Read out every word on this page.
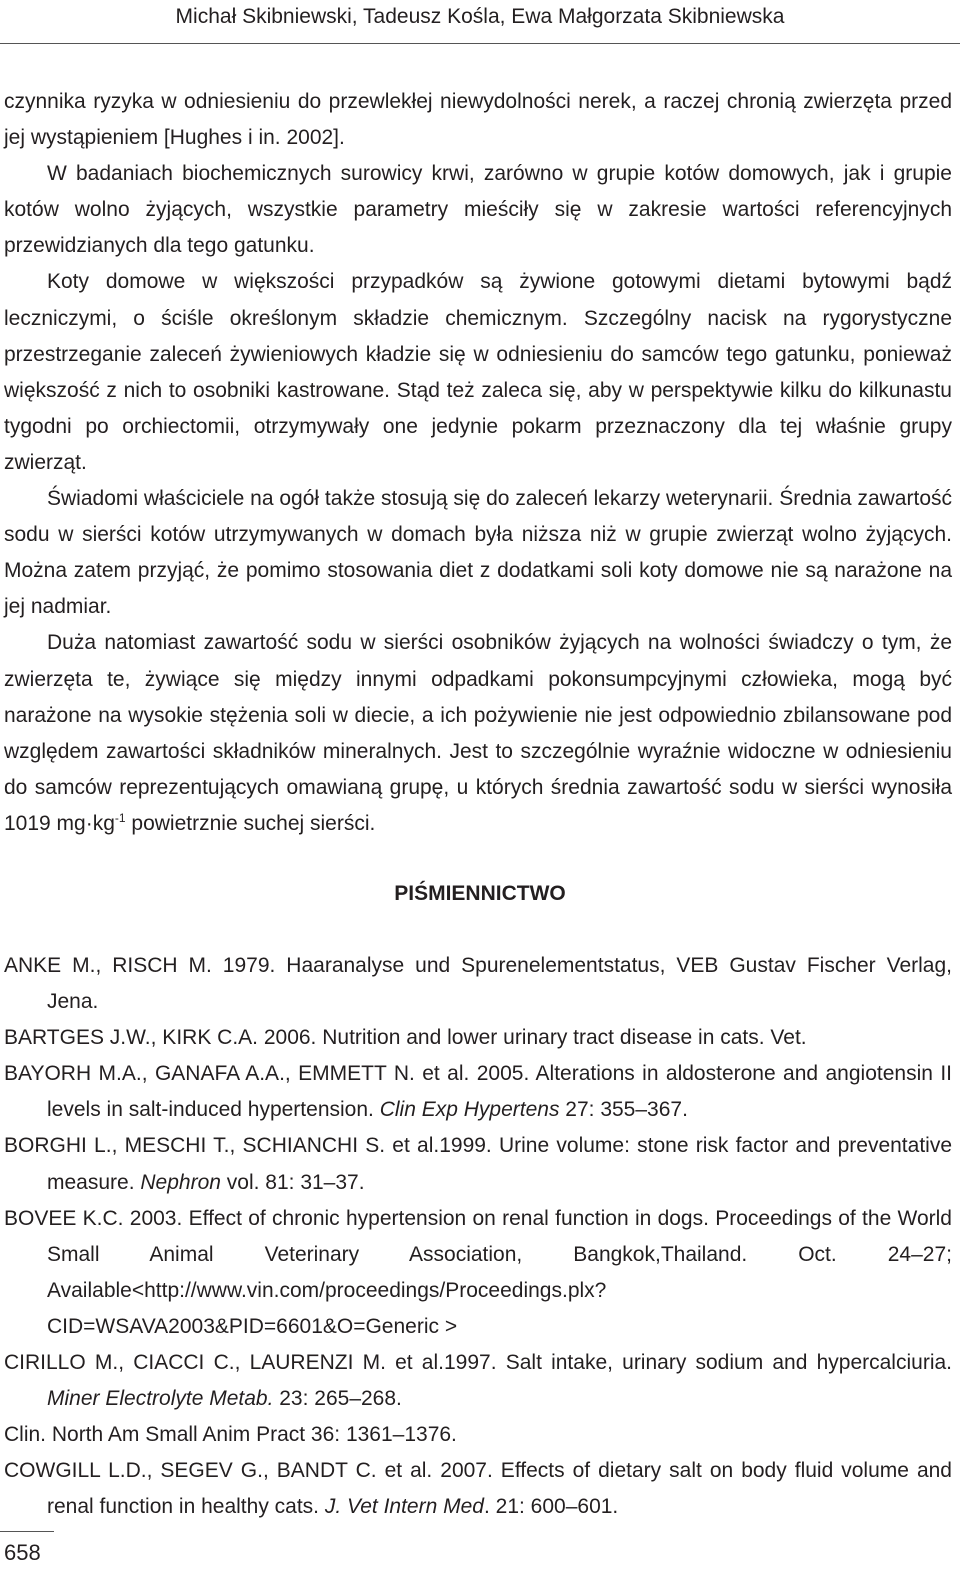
Michał Skibniewski, Tadeusz Kośla, Ewa Małgorzata Skibniewska

czynnika ryzyka w odniesieniu do przewlekłej niewydolności nerek, a raczej chronią zwierzęta przed jej wystąpieniem [Hughes i in. 2002].

W badaniach biochemicznych surowicy krwi, zarówno w grupie kotów domowych, jak i grupie kotów wolno żyjących, wszystkie parametry mieściły się w zakresie wartości referencyjnych przewidzianych dla tego gatunku.

Koty domowe w większości przypadków są żywione gotowymi dietami bytowymi bądź leczniczymi, o ściśle określonym składzie chemicznym. Szczególny nacisk na rygorystyczne przestrzeganie zaleceń żywieniowych kładzie się w odniesieniu do samców tego gatunku, ponieważ większość z nich to osobniki kastrowane. Stąd też zaleca się, aby w perspektywie kilku do kilkunastu tygodni po orchiectomii, otrzymywały one jedynie pokarm przeznaczony dla tej właśnie grupy zwierząt.

Świadomi właściciele na ogół także stosują się do zaleceń lekarzy weterynarii. Średnia zawartość sodu w sierści kotów utrzymywanych w domach była niższa niż w grupie zwierząt wolno żyjących. Można zatem przyjąć, że pomimo stosowania diet z dodatkami soli koty domowe nie są narażone na jej nadmiar.

Duża natomiast zawartość sodu w sierści osobników żyjących na wolności świadczy o tym, że zwierzęta te, żywiące się między innymi odpadkami pokonsumpcyjnymi człowieka, mogą być narażone na wysokie stężenia soli w diecie, a ich pożywienie nie jest odpowiednio zbilansowane pod względem zawartości składników mineralnych. Jest to szczególnie wyraźnie widoczne w odniesieniu do samców reprezentujących omawianą grupę, u których średnia zawartość sodu w sierści wynosiła 1019 $mg\cdot kg^{-1}$ powietrznie suchej sierści.

PIŚMIENNICTWO

ANKE M., RISCH M. 1979. Haaranalyse und Spurenelementstatus, VEB Gustav Fischer Verlag, Jena.

BARTGES J.W., KIRK C.A. 2006. Nutrition and lower urinary tract disease in cats. Vet.

BAYORH M.A., GANAFA A.A., EMMETT N. et al. 2005. Alterations in aldosterone and angiotensin II levels in salt-induced hypertension. Clin Exp Hypertens 27: 355–367.

BORGHI L., MESCHI T., SCHIANCHI S. et al.1999. Urine volume: stone risk factor and preventative measure. Nephron vol. 81: 31–37.

BOVEE K.C. 2003. Effect of chronic hypertension on renal function in dogs. Proceedings of the World Small Animal Veterinary Association, Bangkok,Thailand. Oct. 24–27; Available<http://www.vin.com/proceedings/Proceedings.plx?CID=WSAVA2003&PID=6601&O=Generic >

CIRILLO M., CIACCI C., LAURENZI M. et al.1997. Salt intake, urinary sodium and hypercalciuria. Miner Electrolyte Metab. 23: 265–268.

Clin. North Am Small Anim Pract 36: 1361–1376.

COWGILL L.D., SEGEV G., BANDT C. et al. 2007. Effects of dietary salt on body fluid volume and renal function in healthy cats. J. Vet Intern Med. 21: 600–601.

658
